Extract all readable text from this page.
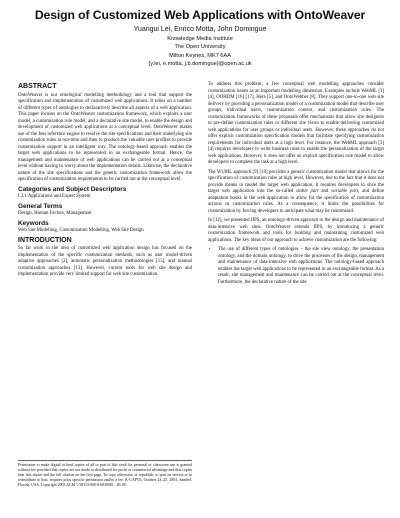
Design of Customized Web Applications with OntoWeaver
Yuangui Lei, Enrico Motta, John Domingue
Knowledge Media Institute
The Open University
Milton Keynes, MK7 6AA
{y.lei, e.motta, j.b.domingue}@open.ac.uk
ABSTRACT

OntoWeaver is our ontological modelling methodology and a tool that support the specification and implementation of customized web applications. It relies on a number of different types of ontologies to declaratively describe all aspects of a web application. This paper focuses on the OntoWeaver customization framework, which exploits a user model, a customization rule model, and a declarative site model, to enable the design and development of customized web applications at a conceptual level. OntoWeaver makes use of the Jess inference engine to resolve the site specifications and their underlying site customization rules at run-time and then to produce the valuable user profiles to provide customization support in an intelligent way. The ontology-based approach enables the target web applications to be represented in an exchangeable format. Hence, the management and maintenance of web applications can be carried out at a conceptual level without having to worry about the implementation details. Likewise, the declarative nature of the site specifications and the generic customization framework allow the specification of customization requirements to be carried out at the conceptual level.

Categories and Subject Descriptors

I.2.1 Applications and Expert System

General Terms

Design, Human Factors, Management

Keywords

Web Site Modelling, Customization Modelling, Web Site Design

INTRODUCTION

So far work in the area of customized web application design has focused on the implementation of the specific customization methods, such as user model-driven adaptive approaches [2], automatic personalization methodologies [15], and manual customization approaches [13]. However, current tools for web site design and implementation provide very limited support for web site customization.

Permission to make digital or hard copies of all or part of this work for personal or classroom use is granted without fee provided that copies are not made or distributed for profit or commercial advantage and that copies bear this notice and the full citation on the first page. To copy otherwise, or republish, to post on servers or to redistribute to lists, requires prior specific permission and/or a fee. K-CAP'03, October 23–25, 2003, Sanibel, Florida, USA. Copyright 2003 ACM 1-58113-000-0/00/0000…$5.00.

To address this problem, a few conceptual web modelling approaches consider customization issues as an important modelling dimension. Examples include WebML [3] [4], OOHDM [16] [17], Hera [5], and OntoWebber [8]. They support one-to-one web site delivery by providing a personalization model or a customization model that describe user groups, individual users, customization context, and customization rules. The customization frameworks of these proposals offer mechanisms that allow site designers to pre-define customization rules or different site views to enable delivering customized web applications for user groups or individual users. However, these approaches do not offer explicit customization specification models that facilitate specifying customization requirements for individual users at a high level. For instance, the WebML approach [3] [4] requires developers to write business rules to enable the personalization of the target web applications. However, it does not offer an explicit specification rule model to allow developers to complete the task at a high level.

The WUML approach [9] [10] provides a generic customization model that allows for the specification of customization rules at high level. However, due to the fact that it does not provide means to model the target web application, it requires developers to slice the target web application into the so-called stable part and variable part, and define adaptation hooks in the web application to allow for the specification of customization actions in customization rules. As a consequence, it limits the possibilities for customization by forcing developers to anticipate what may be customized.

In [12], we presented IIPS, an ontology-driven approach to the design and maintenance of data-intensive web sites. OntoWeaver extends IIPS, by introducing a generic customization framework and tools for building and maintaining customized web applications. The key ideas of our approach to achieve customization are the following:

• The use of different types of ontologies – the site view ontology, the presentation ontology, and the domain ontology, to drive the processes of the design, management and maintenance of data-intensive web applications. The ontology-based approach enables the target web applications to be represented in an exchangeable format. As a result, site management and maintenance can be carried out at the conceptual level. Furthermore, the declarative nature of the site
